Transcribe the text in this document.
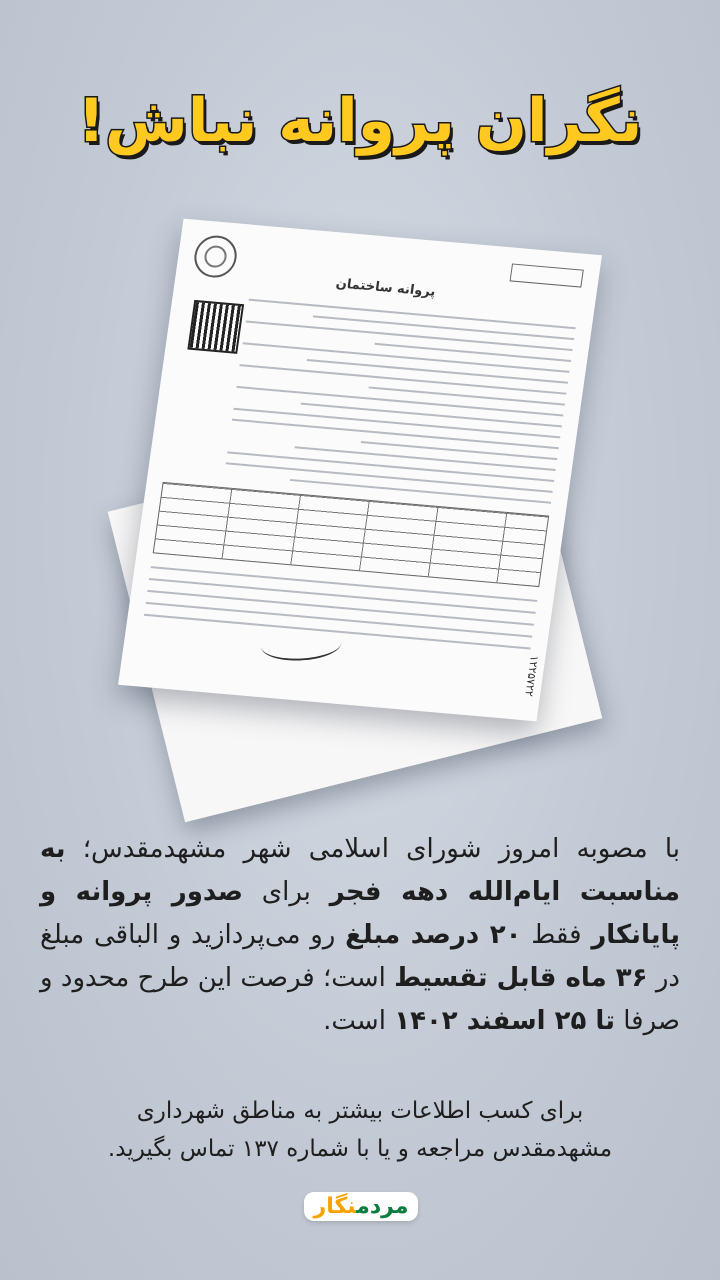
نگران پروانه نباش!
پروانه ساختمان
۱۲۲۵۷۲۲
با مصوبه امروز شورای اسلامی شهر مشهدمقدس؛ به مناسبت ایام‌الله دهه فجر برای صدور پروانه و پایانکار فقط ۲۰ درصد مبلغ رو می‌پردازید و الباقی مبلغ در ۳۶ ماه قابل تقسیط است؛ فرصت این طرح محدود و صرفا تا ۲۵ اسفند ۱۴۰۲ است.
برای کسب اطلاعات بیشتر به مناطق شهرداری
مشهدمقدس مراجعه و یا با شماره ۱۳۷ تماس بگیرید.
مردمنگار
